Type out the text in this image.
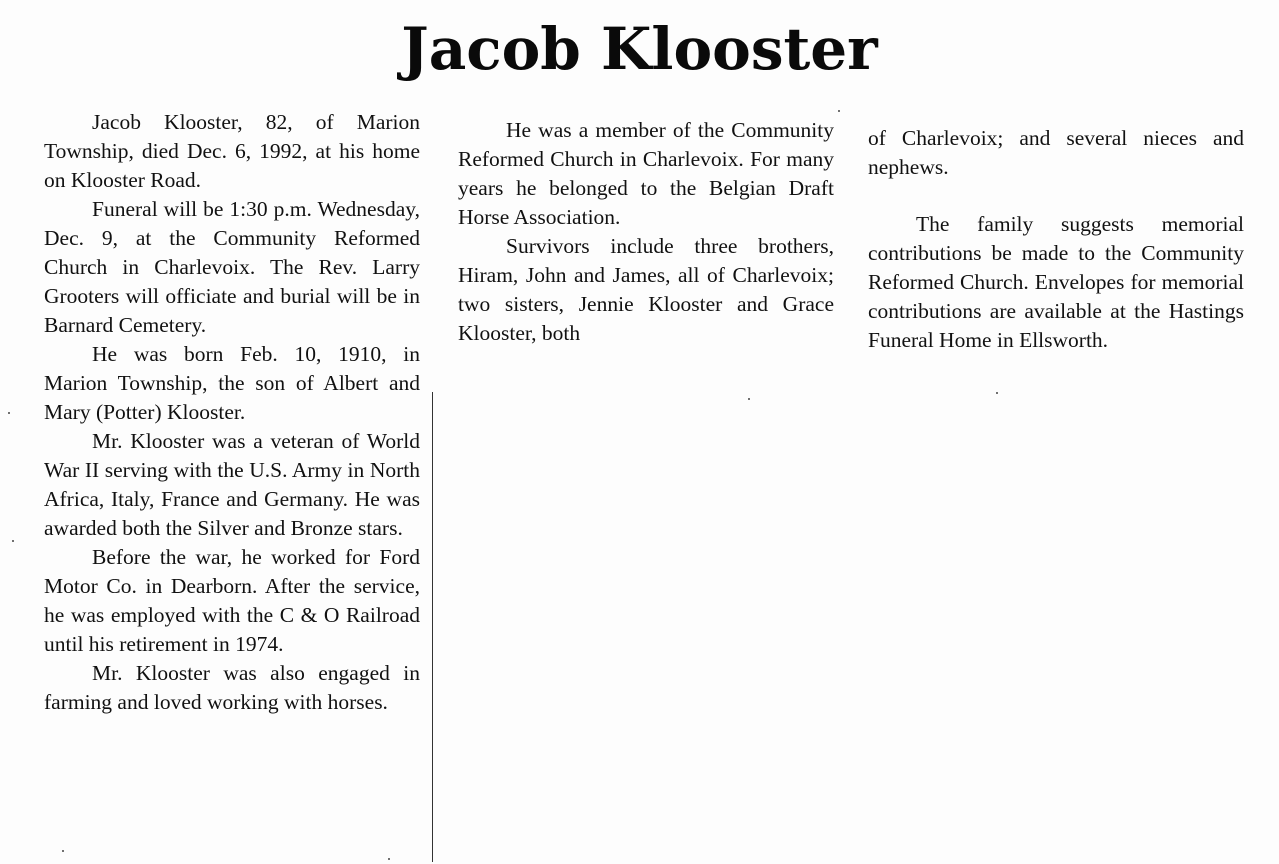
Jacob Klooster

Jacob Klooster, 82, of Marion Township, died Dec. 6, 1992, at his home on Klooster Road.

Funeral will be 1:30 p.m. Wednesday, Dec. 9, at the Community Reformed Church in Charlevoix. The Rev. Larry Grooters will officiate and burial will be in Barnard Cemetery.

He was born Feb. 10, 1910, in Marion Township, the son of Albert and Mary (Potter) Klooster.

Mr. Klooster was a veteran of World War II serving with the U.S. Army in North Africa, Italy, France and Germany. He was awarded both the Silver and Bronze stars.

Before the war, he worked for Ford Motor Co. in Dearborn. After the service, he was employed with the C & O Railroad until his retirement in 1974.

Mr. Klooster was also engaged in farming and loved working with horses.

He was a member of the Community Reformed Church in Charlevoix. For many years he belonged to the Belgian Draft Horse Association.

Survivors include three brothers, Hiram, John and James, all of Charlevoix; two sisters, Jennie Klooster and Grace Klooster, both

of Charlevoix; and several nieces and nephews.

The family suggests memorial contributions be made to the Community Reformed Church. Envelopes for memorial contributions are available at the Hastings Funeral Home in Ellsworth.
